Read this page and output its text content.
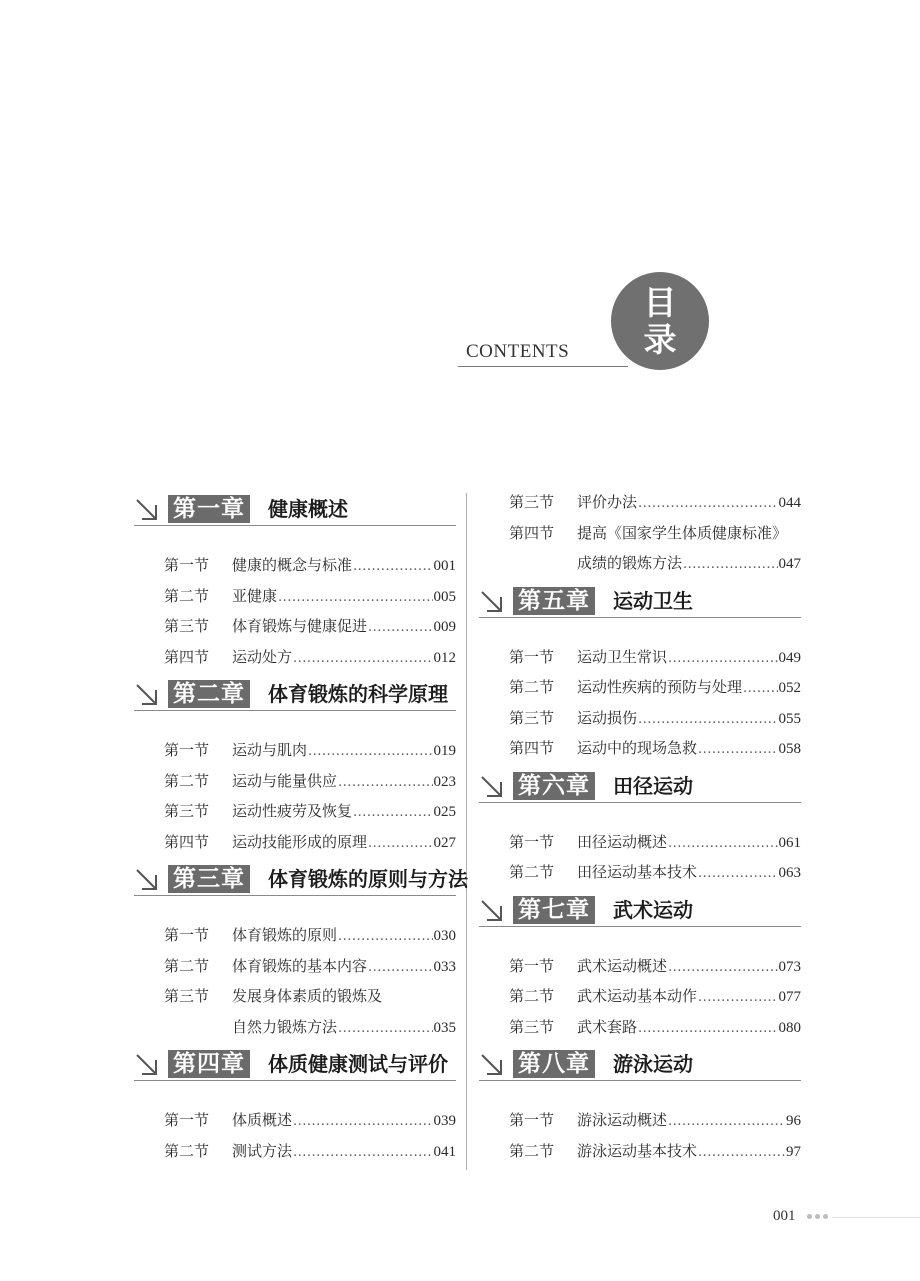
CONTENTS
目
录
第一章 健康概述
第一节 健康的概念与标准 .....	001
第二节 亚健康 .....	005
第三节 体育锻炼与健康促进 .....	009
第四节 运动处方 .....	012
第二章 体育锻炼的科学原理
第一节 运动与肌肉 .....	019
第二节 运动与能量供应 .....	023
第三节 运动性疲劳及恢复 .....	025
第四节 运动技能形成的原理 .....	027
第三章 体育锻炼的原则与方法
第一节 体育锻炼的原则 .....	030
第二节 体育锻炼的基本内容 .....	033
第三节 发展身体素质的锻炼及
自然力锻炼方法 .....	035
第四章 体质健康测试与评价
第一节 体质概述 .....	039
第二节 测试方法 .....	041
第三节 评价办法 .....	044
第四节 提高《国家学生体质健康标准》
成绩的锻炼方法 .....	047
第五章 运动卫生
第一节 运动卫生常识 .....	049
第二节 运动性疾病的预防与处理 ..... 052
第三节 运动损伤 .....	055
第四节 运动中的现场急救 .....	058
第六章 田径运动
第一节 田径运动概述 .....	061
第二节 田径运动基本技术 .....	063
第七章 武术运动
第一节 武术运动概述 .....	073
第二节 武术运动基本动作 .....	077
第三节 武术套路 .....	080
第八章 游泳运动
第一节 游泳运动概述 .....	96
第二节 游泳运动基本技术 .....	97
001
